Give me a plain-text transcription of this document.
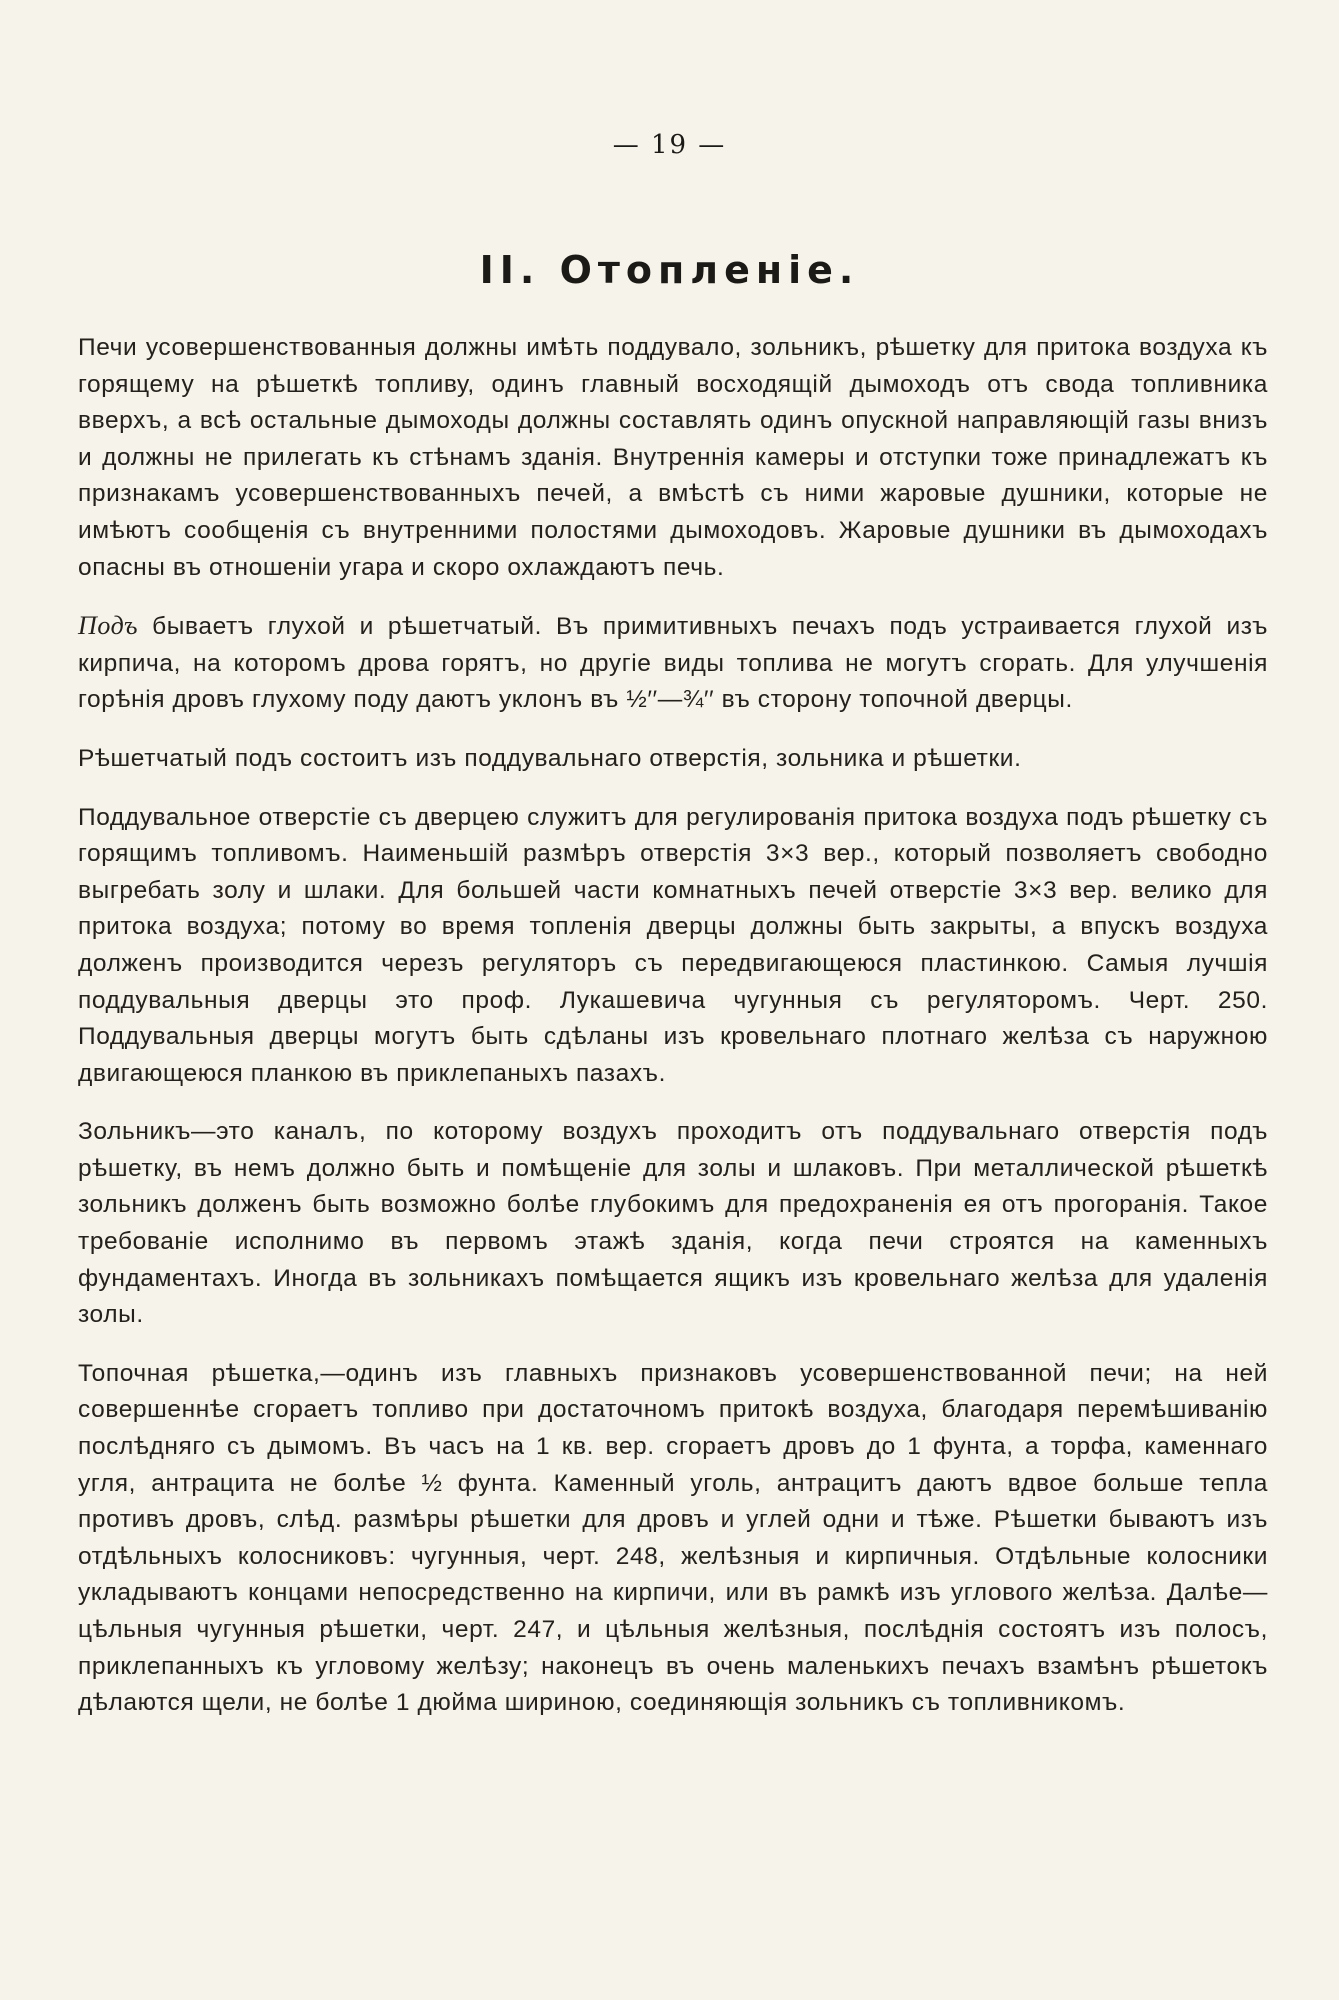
— 19 —
II. Отопленіе.

Печи усовершенствованныя должны имѣть поддувало, зольникъ, рѣшетку для притока воздуха къ горящему на рѣшеткѣ топливу, одинъ главный восходящій дымоходъ отъ свода топливника вверхъ, а всѣ остальные дымоходы должны составлять одинъ опускной направляющій газы внизъ и должны не прилегать къ стѣнамъ зданія. Внутреннія камеры и отступки тоже принадлежатъ къ признакамъ усовершенствованныхъ печей, а вмѣстѣ съ ними жаровые душники, которые не имѣютъ сообщенія съ внутренними полостями дымоходовъ. Жаровые душники въ дымоходахъ опасны въ отношеніи угара и скоро охлаждаютъ печь.

Подъ бываетъ глухой и рѣшетчатый. Въ примитивныхъ печахъ подъ устраивается глухой изъ кирпича, на которомъ дрова горятъ, но другіе виды топлива не могутъ сгорать. Для улучшенія горѣнія дровъ глухому поду даютъ уклонъ въ ½′′—¾′′ въ сторону топочной дверцы.

Рѣшетчатый подъ состоитъ изъ поддувальнаго отверстія, зольника и рѣшетки.

Поддувальное отверстіе съ дверцею служитъ для регулированія притока воздуха подъ рѣшетку съ горящимъ топливомъ. Наименьшій размѣръ отверстія 3×3 вер., который позволяетъ свободно выгребать золу и шлаки. Для большей части комнатныхъ печей отверстіе 3×3 вер. велико для притока воздуха; потому во время топленія дверцы должны быть закрыты, а впускъ воздуха долженъ производится черезъ регуляторъ съ передвигающеюся пластинкою. Самыя лучшія поддувальныя дверцы это проф. Лукашевича чугунныя съ регуляторомъ. Черт. 250. Поддувальныя дверцы могутъ быть сдѣланы изъ кровельнаго плотнаго желѣза съ наружною двигающеюся планкою въ приклепаныхъ пазахъ.

Зольникъ—это каналъ, по которому воздухъ проходитъ отъ поддувальнаго отверстія подъ рѣшетку, въ немъ должно быть и помѣщеніе для золы и шлаковъ. При металлической рѣшеткѣ зольникъ долженъ быть возможно болѣе глубокимъ для предохраненія ея отъ прогоранія. Такое требованіе исполнимо въ первомъ этажѣ зданія, когда печи строятся на каменныхъ фундаментахъ. Иногда въ зольникахъ помѣщается ящикъ изъ кровельнаго желѣза для удаленія золы.

Топочная рѣшетка,—одинъ изъ главныхъ признаковъ усовершенствованной печи; на ней совершеннѣе сгораетъ топливо при достаточномъ притокѣ воздуха, благодаря перемѣшиванію послѣдняго съ дымомъ. Въ часъ на 1 кв. вер. сгораетъ дровъ до 1 фунта, а торфа, каменнаго угля, антрацита не болѣе ½ фунта. Каменный уголь, антрацитъ даютъ вдвое больше тепла противъ дровъ, слѣд. размѣры рѣшетки для дровъ и углей одни и тѣже. Рѣшетки бываютъ изъ отдѣльныхъ колосниковъ: чугунныя, черт. 248, желѣзныя и кирпичныя. Отдѣльные колосники укладываютъ концами непосредственно на кирпичи, или въ рамкѣ изъ углового желѣза. Далѣе—цѣльныя чугунныя рѣшетки, черт. 247, и цѣльныя желѣзныя, послѣднія состоятъ изъ полосъ, приклепанныхъ къ угловому желѣзу; наконецъ въ очень маленькихъ печахъ взамѣнъ рѣшетокъ дѣлаются щели, не болѣе 1 дюйма шириною, соединяющія зольникъ съ топливникомъ.
